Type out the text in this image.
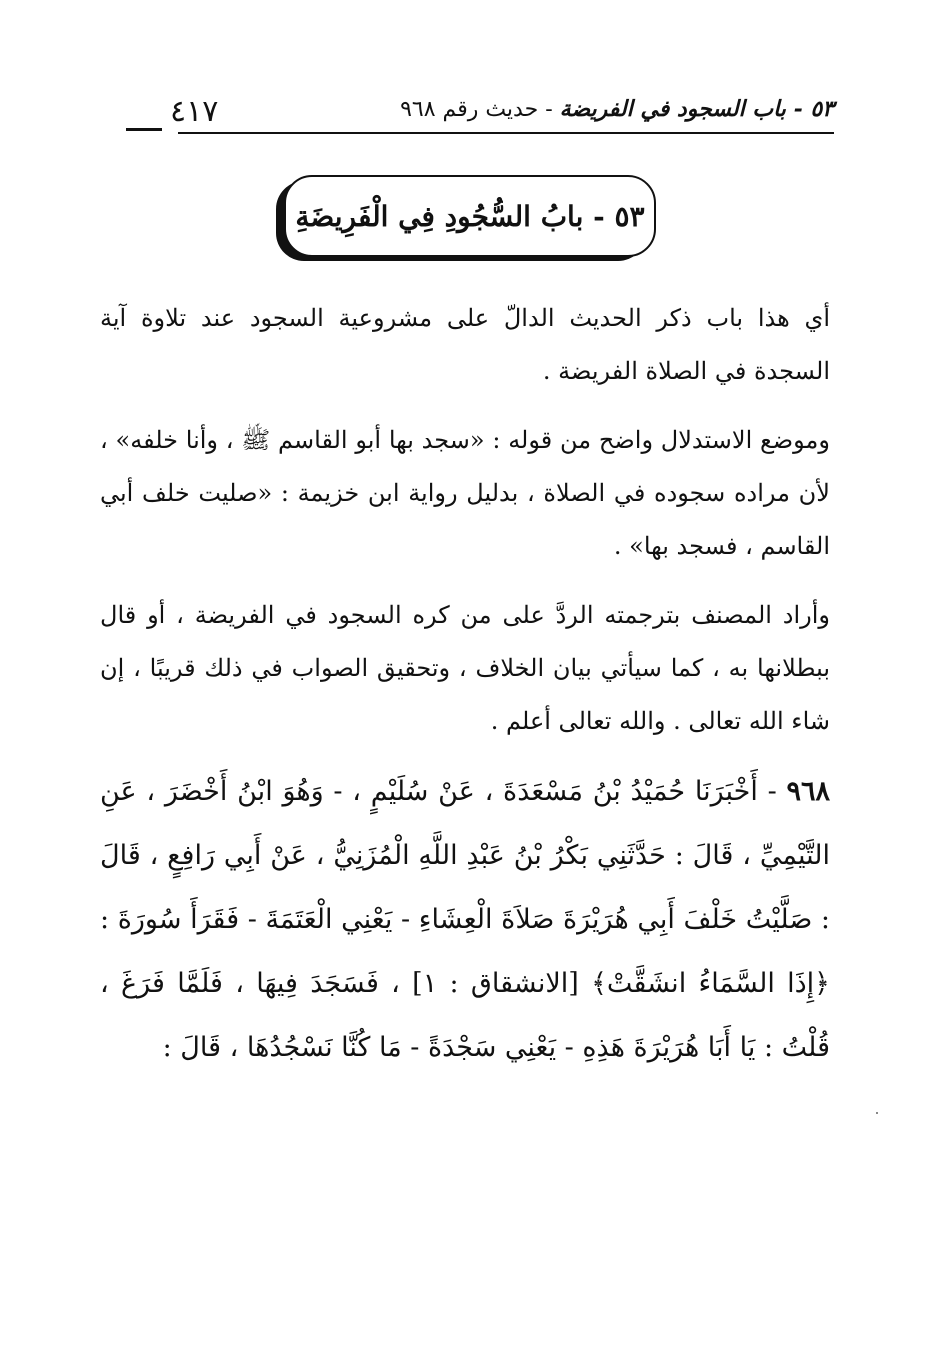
٤١٧	٥٣ - باب السجود في الفريضة - حديث رقم ٩٦٨
٥٣ - بابُ السُّجُودِ فِي الْفَرِيضَةِ
أي هذا باب ذكر الحديث الدالّ على مشروعية السجود عند تلاوة آية السجدة في الصلاة الفريضة .
وموضع الاستدلال واضح من قوله : «سجد بها أبو القاسم ﷺ ، وأنا خلفه» ، لأن مراده سجوده في الصلاة ، بدليل رواية ابن خزيمة : «صليت خلف أبي القاسم ، فسجد بها» .
وأراد المصنف بترجمته الردَّ على من كره السجود في الفريضة ، أو قال ببطلانها به ، كما سيأتي بيان الخلاف ، وتحقيق الصواب في ذلك قريبًا ، إن شاء الله تعالى . والله تعالى أعلم .
٩٦٨ - أَخْبَرَنَا حُمَيْدُ بْنُ مَسْعَدَةَ ، عَنْ سُلَيْمٍ ، - وَهُوَ ابْنُ أَخْضَرَ ، عَنِ التَّيْمِيِّ ، قَالَ : حَدَّثَنِي بَكْرُ بْنُ عَبْدِ اللَّهِ الْمُزَنِيُّ ، عَنْ أَبِي رَافِعٍ ، قَالَ : صَلَّيْتُ خَلْفَ أَبِي هُرَيْرَةَ صَلاَةَ الْعِشَاءِ - يَعْنِي الْعَتَمَةَ - فَقَرَأَ سُورَةَ : ﴿إِذَا السَّمَاءُ انشَقَّتْ﴾ [الانشقاق : ١] ، فَسَجَدَ فِيهَا ، فَلَمَّا فَرَغَ ، قُلْتُ : يَا أَبَا هُرَيْرَةَ هَذِهِ - يَعْنِي سَجْدَةً - مَا كُنَّا نَسْجُدُهَا ، قَالَ :
